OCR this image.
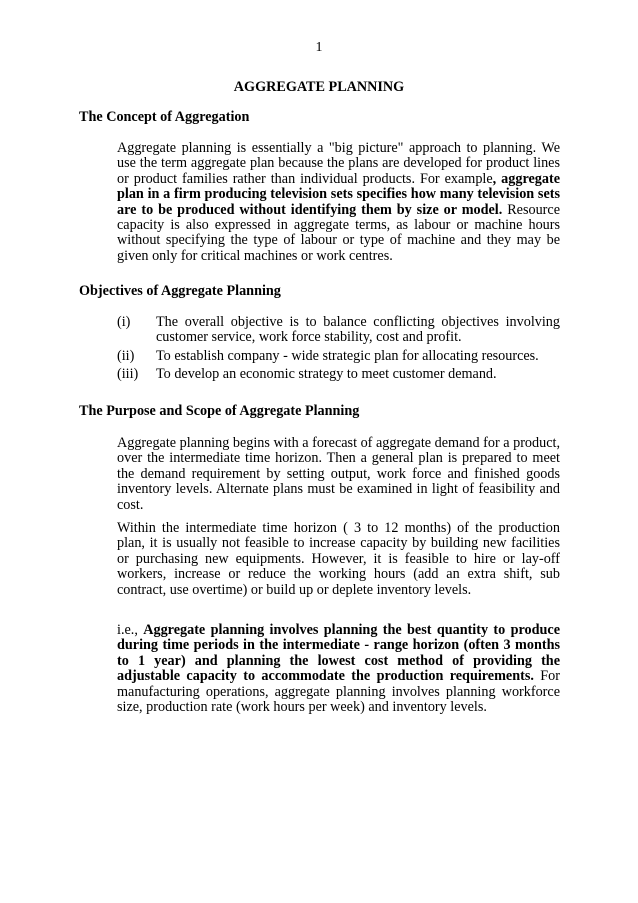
1
AGGREGATE PLANNING
The Concept of Aggregation
Aggregate planning is essentially a "big picture" approach to planning. We use the term aggregate plan because the plans are developed for product lines or product families rather than individual products. For example, aggregate plan in a firm producing television sets specifies how many television sets are to be produced without identifying them by size or model. Resource capacity is also expressed in aggregate terms, as labour or machine hours without specifying the type of labour or type of machine and they may be given only for critical machines or work centres.
Objectives of Aggregate Planning
(i)	The overall objective is to balance conflicting objectives involving customer service, work force stability, cost and profit.
(ii)	To establish company - wide strategic plan for allocating resources.
(iii)	To develop an economic strategy to meet customer demand.
The Purpose and Scope of Aggregate Planning
Aggregate planning begins with a forecast of aggregate demand for a product, over the intermediate time horizon. Then a general plan is prepared to meet the demand requirement by setting output, work force and finished goods inventory levels. Alternate plans must be examined in light of feasibility and cost.
Within the intermediate time horizon ( 3 to 12 months) of the production plan, it is usually not feasible to increase capacity by building new facilities or purchasing new equipments. However, it is feasible to hire or lay-off workers, increase or reduce the working hours (add an extra shift, sub contract, use overtime) or build up or deplete inventory levels.
i.e., Aggregate planning involves planning the best quantity to produce during time periods in the intermediate - range horizon (often 3 months to 1 year) and planning the lowest cost method of providing the adjustable capacity to accommodate the production requirements. For manufacturing operations, aggregate planning involves planning workforce size, production rate (work hours per week) and inventory levels.
